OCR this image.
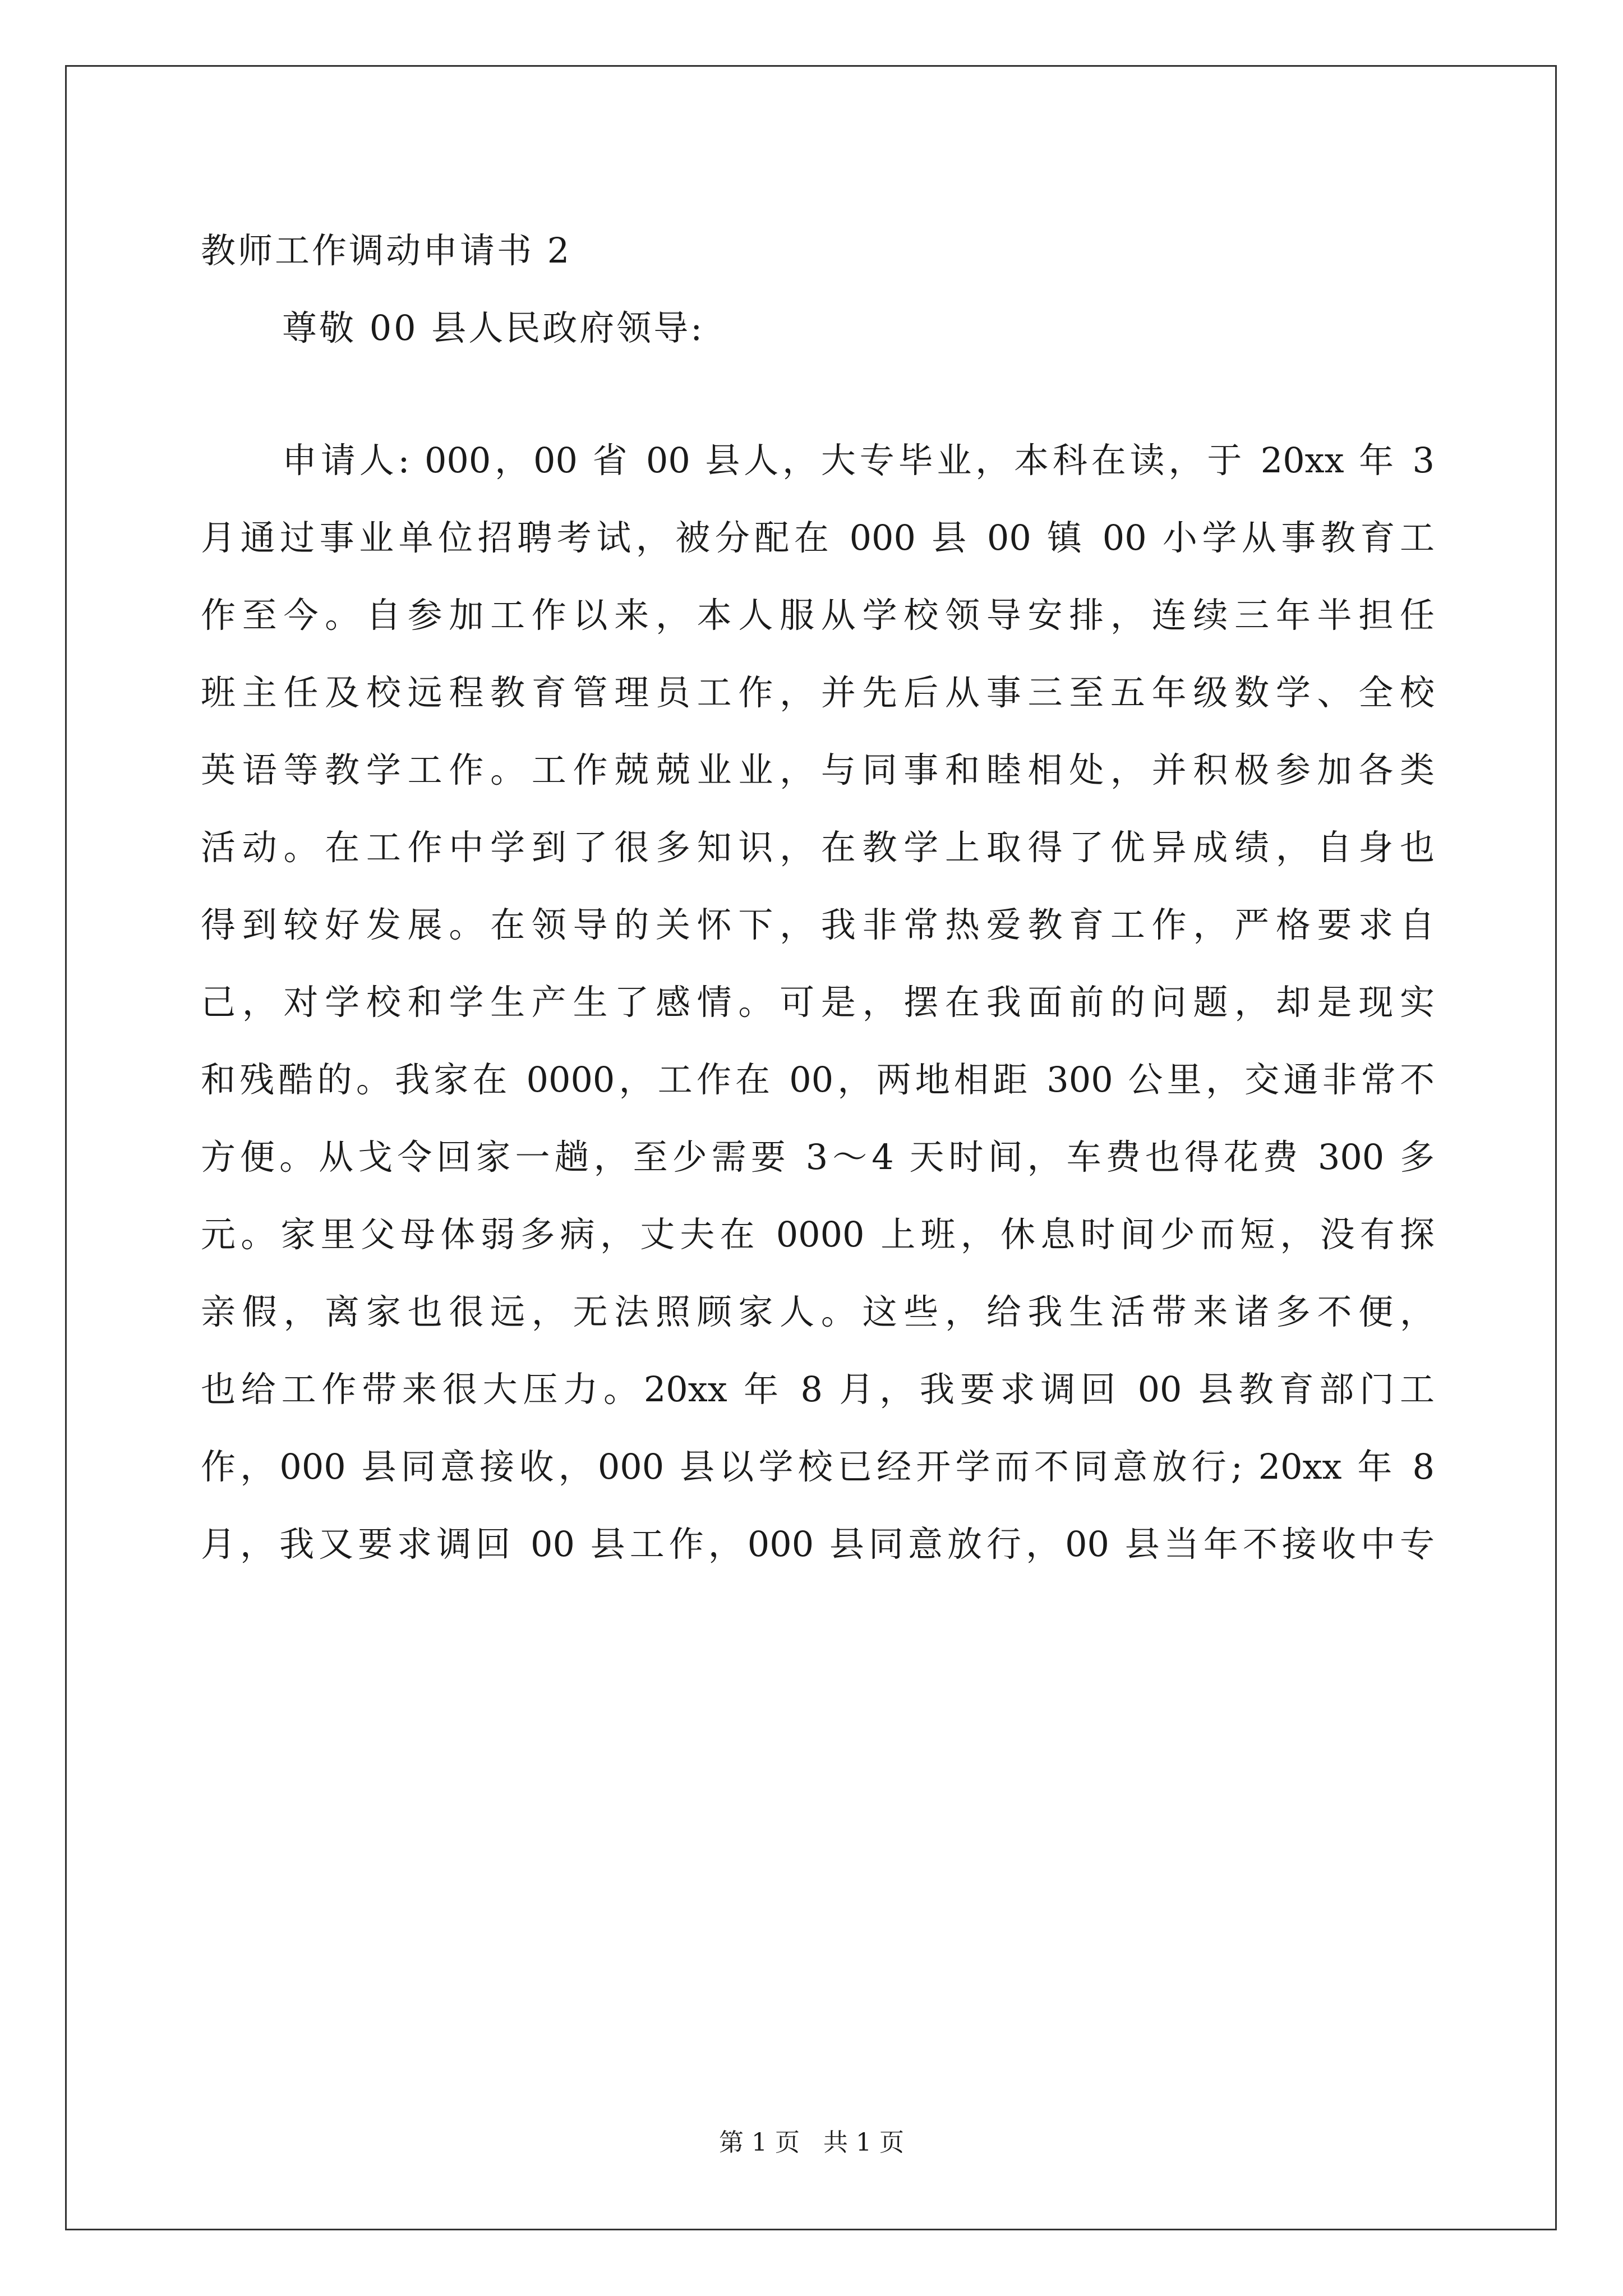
教师工作调动申请书 2
尊敬 00 县人民政府领导:
申请人: 000，00 省 00 县人，大专毕业，本科在读，于 20xx 年 3
月通过事业单位招聘考试，被分配在 000 县 00 镇 00 小学从事教育工
作至今。自参加工作以来，本人服从学校领导安排，连续三年半担任
班主任及校远程教育管理员工作，并先后从事三至五年级数学、全校
英语等教学工作。工作兢兢业业，与同事和睦相处，并积极参加各类
活动。在工作中学到了很多知识，在教学上取得了优异成绩，自身也
得到较好发展。在领导的关怀下，我非常热爱教育工作，严格要求自
己，对学校和学生产生了感情。可是，摆在我面前的问题，却是现实
和残酷的。我家在 0000，工作在 00，两地相距 300 公里，交通非常不
方便。从戈令回家一趟，至少需要 3～4 天时间，车费也得花费 300 多
元。家里父母体弱多病，丈夫在 0000 上班，休息时间少而短，没有探
亲假，离家也很远，无法照顾家人。这些，给我生活带来诸多不便，
也给工作带来很大压力。20xx 年 8 月，我要求调回 00 县教育部门工
作，000 县同意接收，000 县以学校已经开学而不同意放行; 20xx 年 8
月，我又要求调回 00 县工作，000 县同意放行，00 县当年不接收中专
第 1 页   共 1 页
